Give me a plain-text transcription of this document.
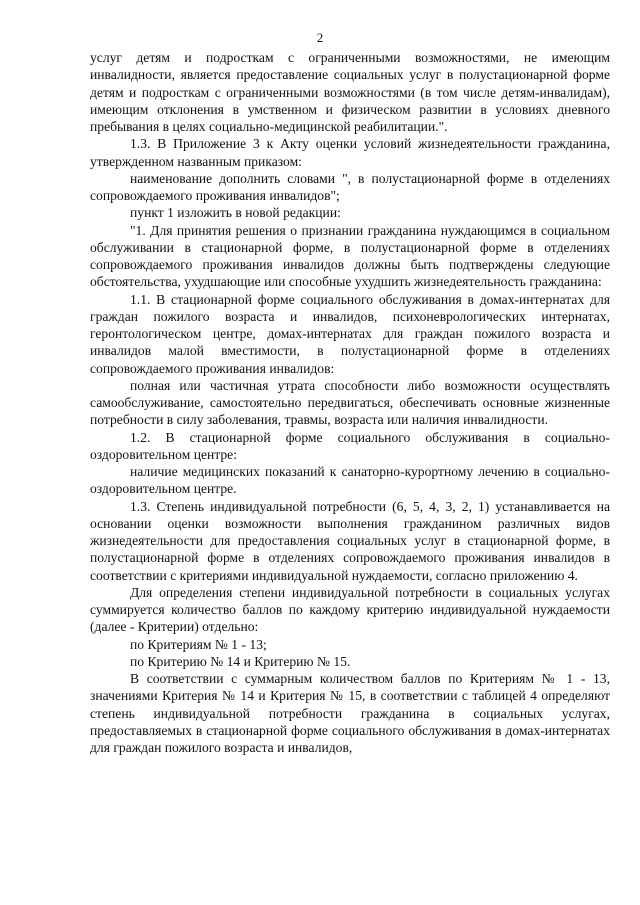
2

услуг детям и подросткам с ограниченными возможностями, не имеющим инвалидности, является предоставление социальных услуг в полустационарной форме детям и подросткам с ограниченными возможностями (в том числе детям-инвалидам), имеющим отклонения в умственном и физическом развитии в условиях дневного пребывания в целях социально-медицинской реабилитации.".

1.3. В Приложение 3 к Акту оценки условий жизнедеятельности гражданина, утвержденном названным приказом:

наименование дополнить словами ", в полустационарной форме в отделениях сопровождаемого проживания инвалидов";

пункт 1 изложить в новой редакции:

"1. Для принятия решения о признании гражданина нуждающимся в социальном обслуживании в стационарной форме, в полустационарной форме в отделениях сопровождаемого проживания инвалидов должны быть подтверждены следующие обстоятельства, ухудшающие или способные ухудшить жизнедеятельность гражданина:

1.1. В стационарной форме социального обслуживания в домах-интернатах для граждан пожилого возраста и инвалидов, психоневрологических интернатах, геронтологическом центре, домах-интернатах для граждан пожилого возраста и инвалидов малой вместимости, в полустационарной форме в отделениях сопровождаемого проживания инвалидов:

полная или частичная утрата способности либо возможности осуществлять самообслуживание, самостоятельно передвигаться, обеспечивать основные жизненные потребности в силу заболевания, травмы, возраста или наличия инвалидности.

1.2. В стационарной форме социального обслуживания в социально-оздоровительном центре:

наличие медицинских показаний к санаторно-курортному лечению в социально-оздоровительном центре.

1.3. Степень индивидуальной потребности (6, 5, 4, 3, 2, 1) устанавливается на основании оценки возможности выполнения гражданином различных видов жизнедеятельности для предоставления социальных услуг в стационарной форме, в полустационарной форме в отделениях сопровождаемого проживания инвалидов в соответствии с критериями индивидуальной нуждаемости, согласно приложению 4.

Для определения степени индивидуальной потребности в социальных услугах суммируется количество баллов по каждому критерию индивидуальной нуждаемости (далее - Критерии) отдельно:

по Критериям № 1 - 13;

по Критерию № 14 и Критерию № 15.

В соответствии с суммарным количеством баллов по Критериям № 1 - 13, значениями Критерия № 14 и Критерия № 15, в соответствии с таблицей 4 определяют степень индивидуальной потребности гражданина в социальных услугах, предоставляемых в стационарной форме социального обслуживания в домах-интернатах для граждан пожилого возраста и инвалидов,
